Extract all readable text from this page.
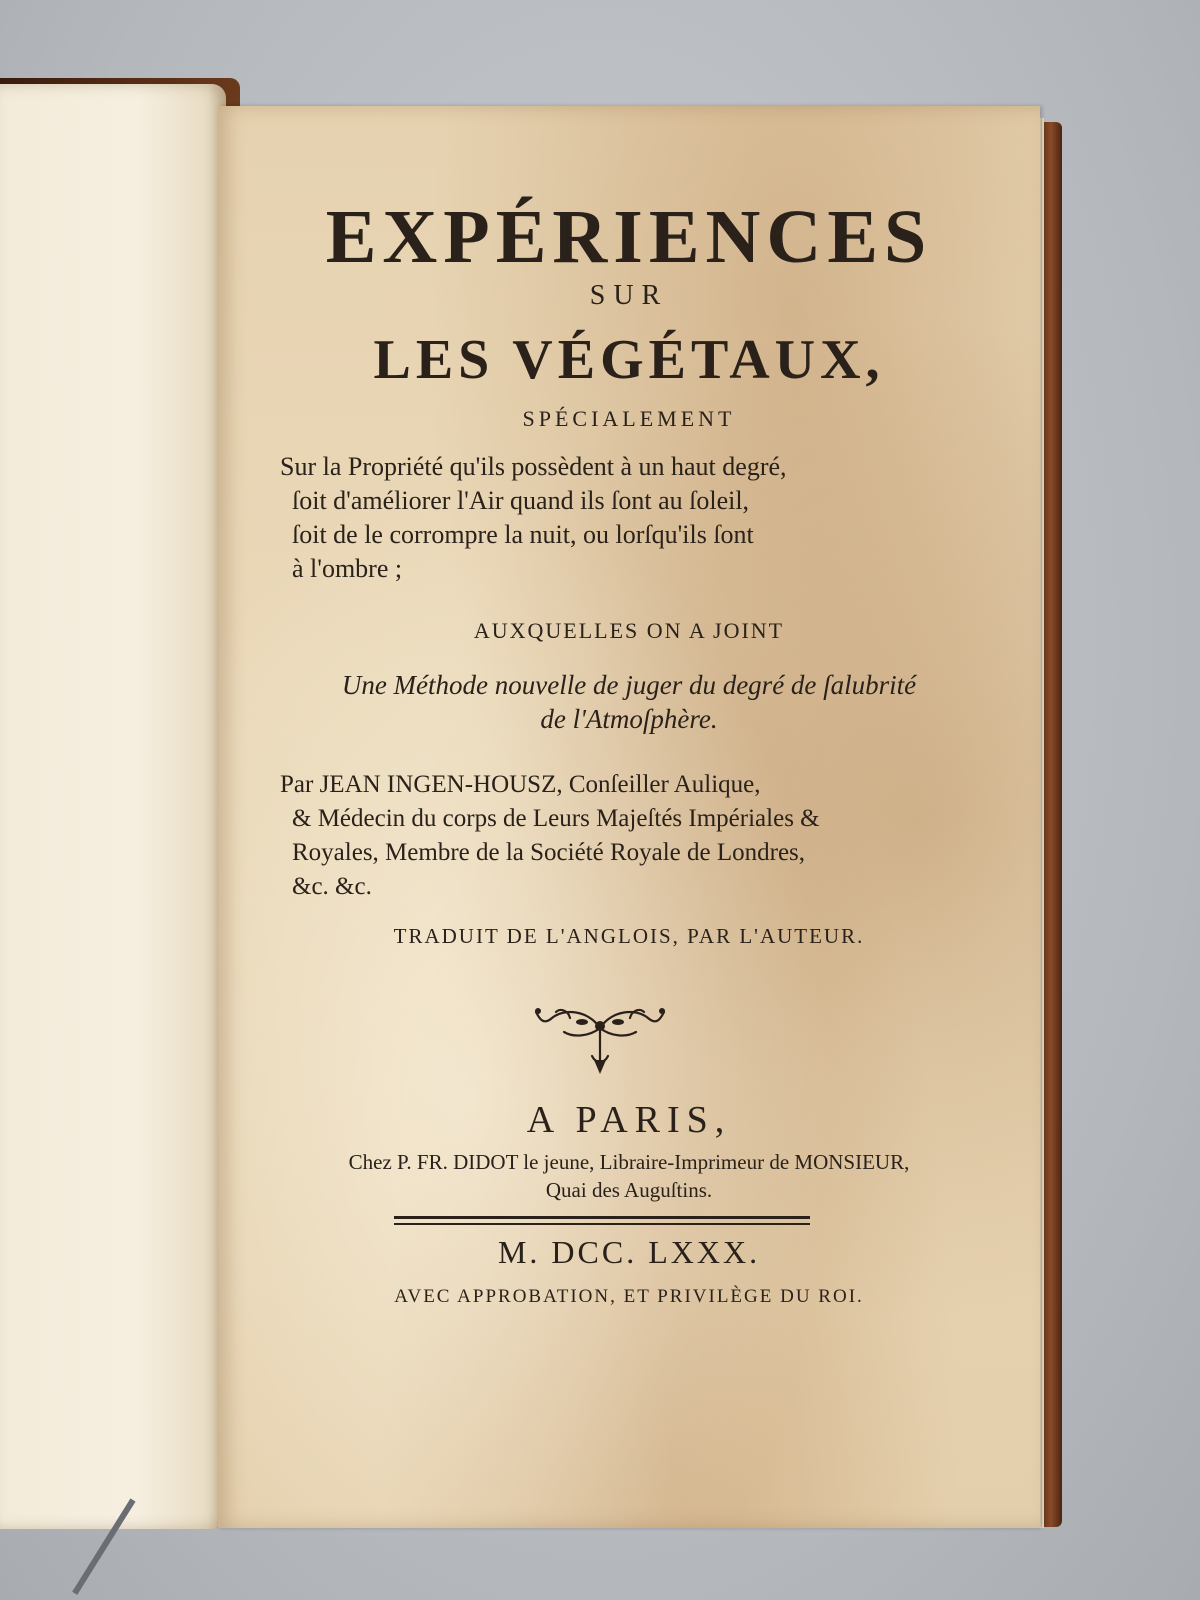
EXPÉRIENCES
SUR
LES VÉGÉTAUX,
SPÉCIALEMENT
Sur la Propriété qu'ils possèdent à un haut degré,
ſoit d'améliorer l'Air quand ils ſont au ſoleil,
ſoit de le corrompre la nuit, ou lorſqu'ils ſont
à l'ombre ;
AUXQUELLES ON A JOINT
Une Méthode nouvelle de juger du degré de ſalubrité
de l'Atmoſphère.
Par JEAN INGEN-HOUSZ, Conſeiller Aulique,
& Médecin du corps de Leurs Majeſtés Impériales &
Royales, Membre de la Société Royale de Londres,
&c. &c.
TRADUIT DE L'ANGLOIS, PAR L'AUTEUR.
A PARIS,
Chez P. FR. DIDOT le jeune, Libraire-Imprimeur de MONSIEUR,
Quai des Auguſtins.
M. DCC. LXXX.
AVEC APPROBATION, ET PRIVILÈGE DU ROI.
